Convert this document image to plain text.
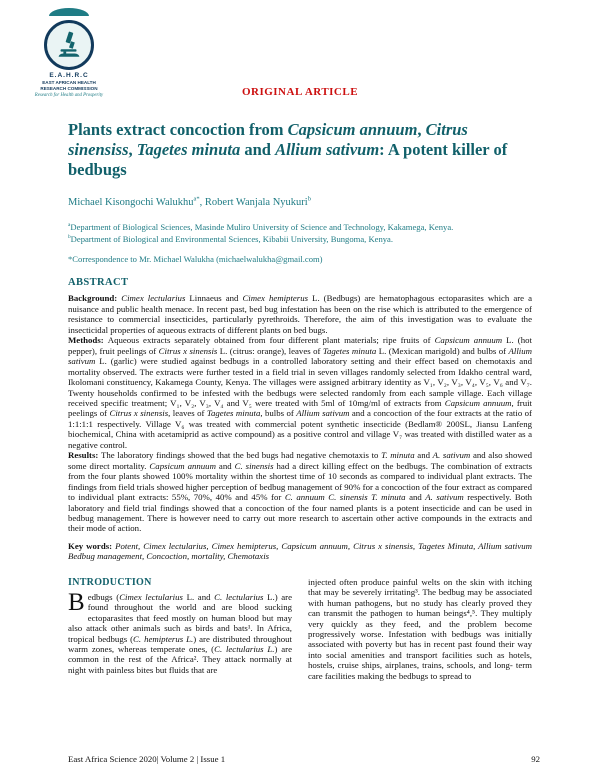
E.A.H.R.C
EAST AFRICAN HEALTH RESEARCH COMMISSION
Research for Health and Prosperity	ORIGINAL ARTICLE
Plants extract concoction from Capsicum annuum, Citrus sinensiss, Tagetes minuta and Allium sativum: A potent killer of bedbugs
Michael Kisongochi Walukhu$^{a*}$, Robert Wanjala Nyukuri$^b$
$^a$Department of Biological Sciences, Masinde Muliro University of Science and Technology, Kakamega, Kenya.
$^b$Department of Biological and Environmental Sciences, Kibabii University, Bungoma, Kenya.
*Correspondence to Mr. Michael Walukha (michaelwalukha@gmail.com)
ABSTRACT

Background: Cimex lectularius Linnaeus and Cimex hemipterus L. (Bedbugs) are hematophagous ectoparasites which are a nuisance and public health menace. In recent past, bed bug infestation has been on the rise which is attributed to the emergence of resistance to commercial insecticides, particularly pyrethroids. Therefore, the aim of this investigation was to evaluate the insecticidal properties of aqueous extracts of different plants on bed bugs.

Methods: Aqueous extracts separately obtained from four different plant materials; ripe fruits of Capsicum annuum L. (hot pepper), fruit peelings of Citrus x sinensis L. (citrus: orange), leaves of Tagetes minuta L. (Mexican marigold) and bulbs of Allium sativum L. (garlic) were studied against bedbugs in a controlled laboratory setting and their effect based on chemotaxis and mortality observed. The extracts were further tested in a field trial in seven villages randomly selected from Idakho central ward, Ikolomani constituency, Kakamega County, Kenya. The villages were assigned arbitrary identity as V₁, V₂, V₃, V₄, V₅, V₆ and V₇. Twenty households confirmed to be infested with the bedbugs were selected randomly from each sample village. Each village received specific treatment; V₁, V₂, V₃, V₄ and V₅ were treated with 5ml of 10mg/ml of extracts from Capsicum annuum, fruit peelings of Citrus x sinensis, leaves of Tagetes minuta, bulbs of Allium sativum and a concoction of the four extracts at the ratio of 1:1:1:1 respectively. Village V₆ was treated with commercial potent synthetic insecticide (Bedlam® 200SL, Jiansu Lanfeng biochemical, China with acetamiprid as active compound) as a positive control and village V₇ was treated with distilled water as a negative control.

Results: The laboratory findings showed that the bed bugs had negative chemotaxis to T. minuta and A. sativum and also showed some direct mortality. Capsicum annuum and C. sinensis had a direct killing effect on the bedbugs. The combination of extracts from the four plants showed 100% mortality within the shortest time of 10 seconds as compared to individual plant extracts. The findings from field trials showed higher perception of bedbug management of 90% for a concoction of the four extract as compared to individual plant extracts: 55%, 70%, 40% and 45% for C. annuum C. sinensis T. minuta and A. sativum respectively. Both laboratory and field trial findings showed that a concoction of the four named plants is a potent insecticide and can be used in bedbug management. There is however need to carry out more research to ascertain other active compounds in the extracts and their mode of action.

Key words: Potent, Cimex lectularius, Cimex hemipterus, Capsicum annuum, Citrus x sinensis, Tagetes Minuta, Allium sativum Bedbug management, Concoction, mortality, Chemotaxis

INTRODUCTION

Bedbugs (Cimex lectularius L. and C. lectularius L.) are found throughout the world and are blood sucking ectoparasites that feed mostly on human blood but may also attack other animals such as birds and bats¹. In Africa, tropical bedbugs (C. hemipterus L.) are distributed throughout warm zones, whereas temperate ones, (C. lectularius L.) are common in the rest of the Africa². They attack normally at night with painless bites but fluids that are

injected often produce painful welts on the skin with itching that may be severely irritating³. The bedbug may be associated with human pathogens, but no study has clearly proved they can transmit the pathogen to human beings⁴,⁵. They multiply very quickly as they feed, and the problem become progressively worse. Infestation with bedbugs was initially associated with poverty but has in recent past found their way into social amenities and transport facilities such as hotels, hostels, cruise ships, airplanes, trains, schools, and long- term care facilities making the bedbugs to spread to

East Africa Science 2020| Volume 2 | Issue 1	92
